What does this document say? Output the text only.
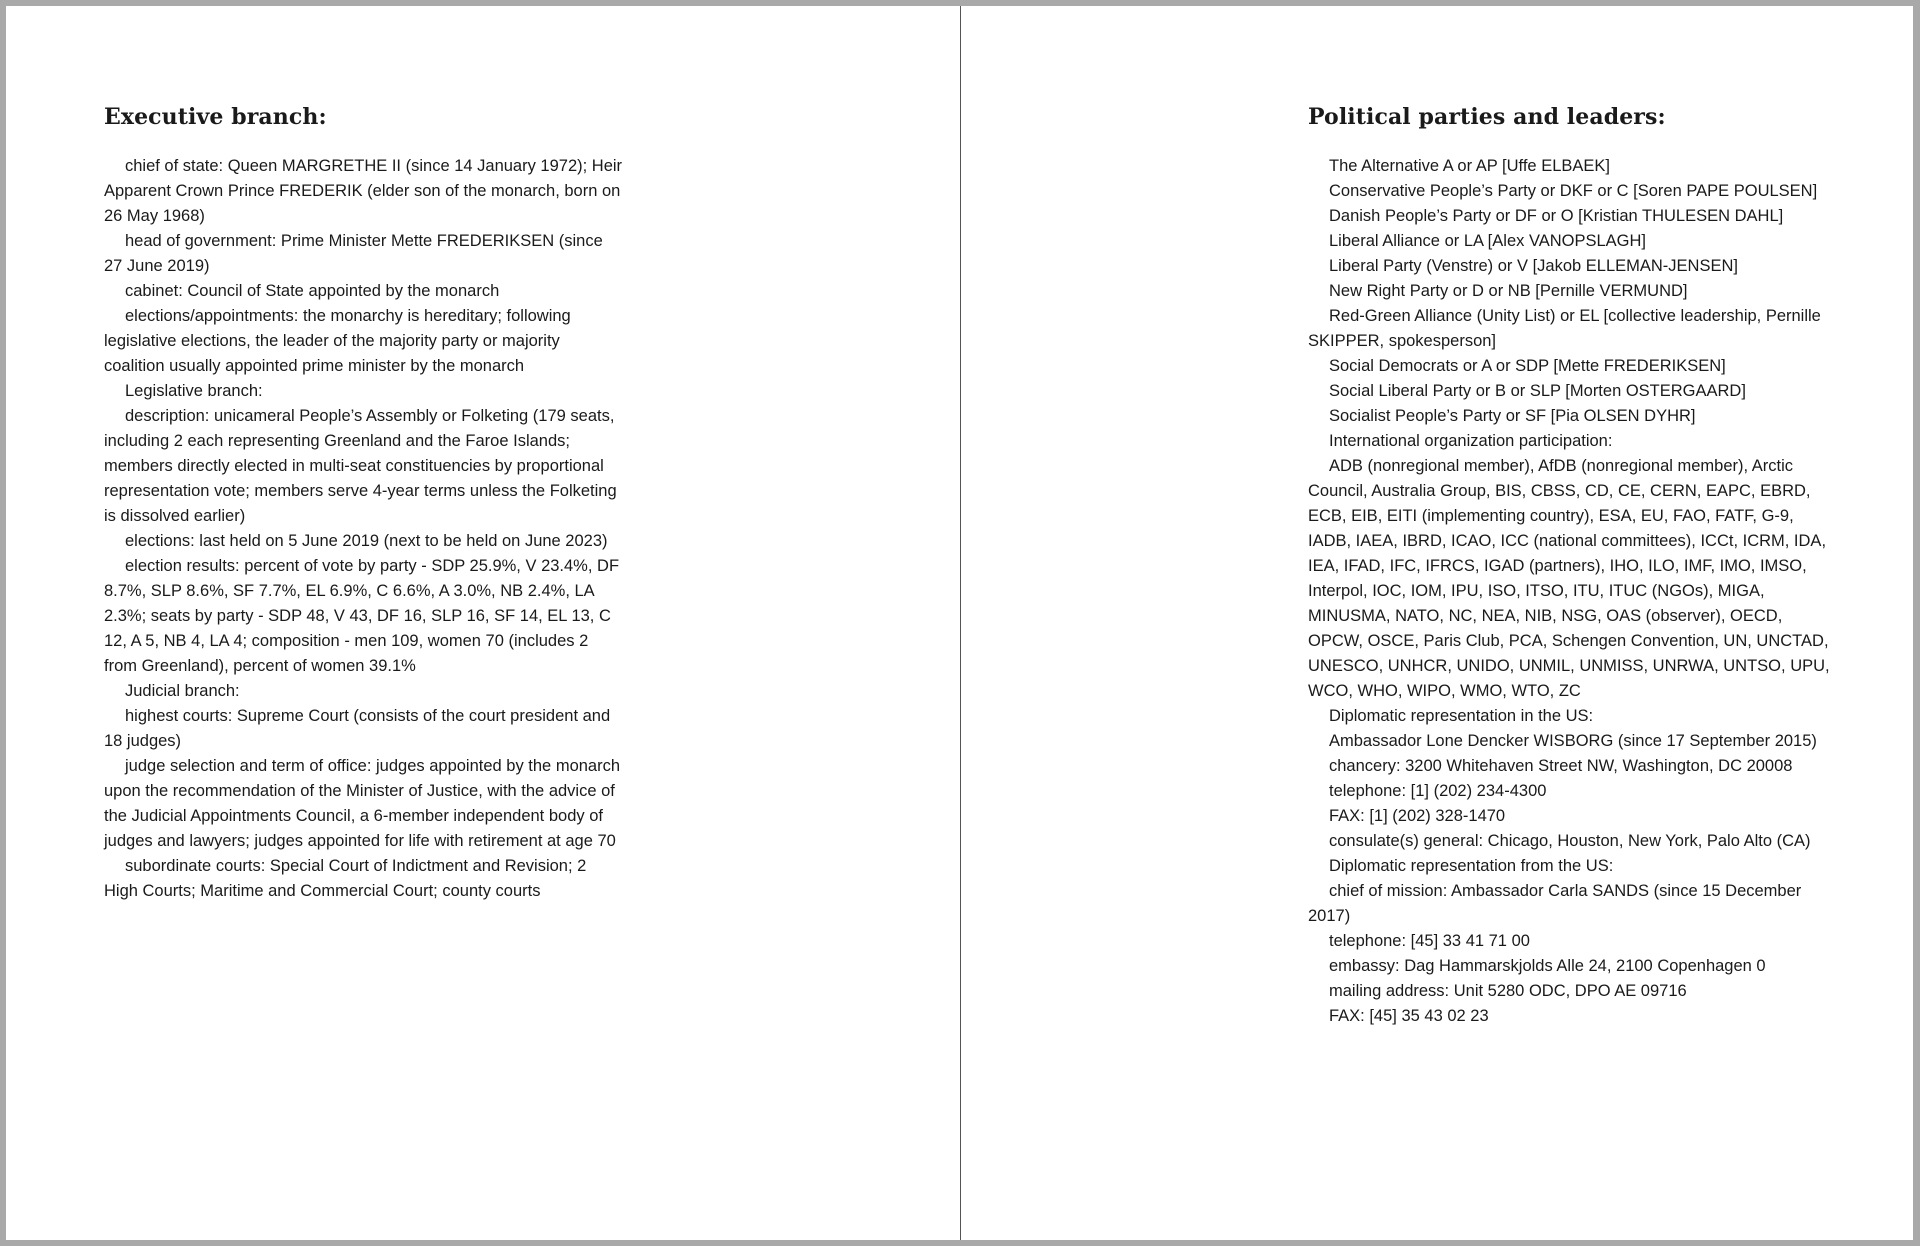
Executive branch:

chief of state: Queen MARGRETHE II (since 14 January 1972); Heir Apparent Crown Prince FREDERIK (elder son of the monarch, born on 26 May 1968)

head of government: Prime Minister Mette FREDERIKSEN (since 27 June 2019)

cabinet: Council of State appointed by the monarch

elections/appointments: the monarchy is hereditary; following legislative elections, the leader of the majority party or majority coalition usually appointed prime minister by the monarch

Legislative branch:

description: unicameral People’s Assembly or Folketing (179 seats, including 2 each representing Greenland and the Faroe Islands; members directly elected in multi-seat constituencies by proportional representation vote; members serve 4-year terms unless the Folketing is dissolved earlier)

elections: last held on 5 June 2019 (next to be held on June 2023)

election results: percent of vote by party - SDP 25.9%, V 23.4%, DF 8.7%, SLP 8.6%, SF 7.7%, EL 6.9%, C 6.6%, A 3.0%, NB 2.4%, LA 2.3%; seats by party - SDP 48, V 43, DF 16, SLP 16, SF 14, EL 13, C 12, A 5, NB 4, LA 4; composition - men 109, women 70 (includes 2 from Greenland), percent of women 39.1%

Judicial branch:

highest courts: Supreme Court (consists of the court president and 18 judges)

judge selection and term of office: judges appointed by the monarch upon the recommendation of the Minister of Justice, with the advice of the Judicial Appointments Council, a 6-member independent body of judges and lawyers; judges appointed for life with retirement at age 70

subordinate courts: Special Court of Indictment and Revision; 2 High Courts; Maritime and Commercial Court; county courts

Political parties and leaders:

The Alternative A or AP [Uffe ELBAEK]

Conservative People’s Party or DKF or C [Soren PAPE POULSEN]

Danish People’s Party or DF or O [Kristian THULESEN DAHL]

Liberal Alliance or LA [Alex VANOPSLAGH]

Liberal Party (Venstre) or V [Jakob ELLEMAN-JENSEN]

New Right Party or D or NB [Pernille VERMUND]

Red-Green Alliance (Unity List) or EL [collective leadership, Pernille SKIPPER, spokesperson]

Social Democrats or A or SDP [Mette FREDERIKSEN]

Social Liberal Party or B or SLP [Morten OSTERGAARD]

Socialist People’s Party or SF [Pia OLSEN DYHR]

International organization participation:

ADB (nonregional member), AfDB (nonregional member), Arctic Council, Australia Group, BIS, CBSS, CD, CE, CERN, EAPC, EBRD, ECB, EIB, EITI (implementing country), ESA, EU, FAO, FATF, G-9, IADB, IAEA, IBRD, ICAO, ICC (national committees), ICCt, ICRM, IDA, IEA, IFAD, IFC, IFRCS, IGAD (partners), IHO, ILO, IMF, IMO, IMSO, Interpol, IOC, IOM, IPU, ISO, ITSO, ITU, ITUC (NGOs), MIGA, MINUSMA, NATO, NC, NEA, NIB, NSG, OAS (observer), OECD, OPCW, OSCE, Paris Club, PCA, Schengen Convention, UN, UNCTAD, UNESCO, UNHCR, UNIDO, UNMIL, UNMISS, UNRWA, UNTSO, UPU, WCO, WHO, WIPO, WMO, WTO, ZC

Diplomatic representation in the US:

Ambassador Lone Dencker WISBORG (since 17 September 2015)

chancery: 3200 Whitehaven Street NW, Washington, DC 20008

telephone: [1] (202) 234-4300

FAX: [1] (202) 328-1470

consulate(s) general: Chicago, Houston, New York, Palo Alto (CA)

Diplomatic representation from the US:

chief of mission: Ambassador Carla SANDS (since 15 December 2017)

telephone: [45] 33 41 71 00

embassy: Dag Hammarskjolds Alle 24, 2100 Copenhagen 0

mailing address: Unit 5280 ODC, DPO AE 09716

FAX: [45] 35 43 02 23
